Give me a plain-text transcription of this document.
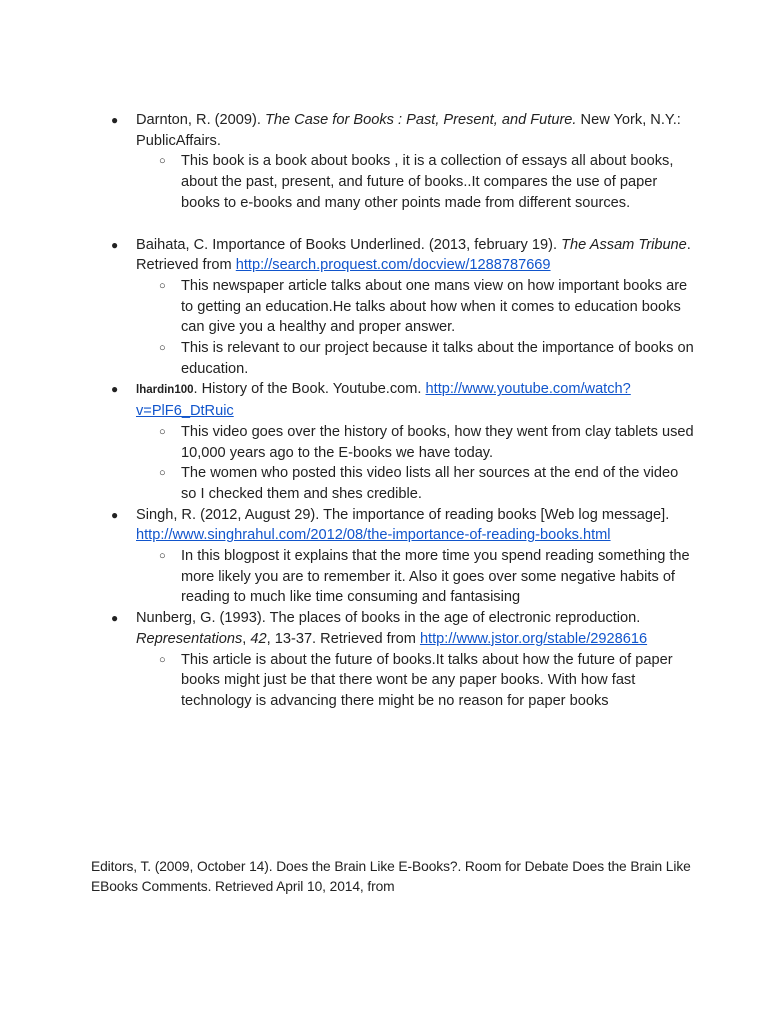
● Darnton, R. (2009). The Case for Books : Past, Present, and Future. New York, N.Y.: PublicAffairs.
○ This book is a book about books , it is a collection of essays all about books, about the past, present, and future of books..It compares the use of paper books to e-books and many other points made from different sources.
● Baihata, C. Importance of Books Underlined. (2013, february 19). The Assam Tribune. Retrieved from http://search.proquest.com/docview/1288787669
○ This newspaper article talks about one mans view on how important books are to getting an education.He talks about how when it comes to education books can give you a healthy and proper answer.
○ This is relevant to our project because it talks about the importance of books on education.
● lhardin100. History of the Book. Youtube.com. http://www.youtube.com/watch?v=PlF6_DtRuic
○ This video goes over the history of books, how they went from clay tablets used 10,000 years ago to the E-books we have today.
○ The women who posted this video lists all her sources at the end of the video so I checked them and shes credible.
● Singh, R. (2012, August 29). The importance of reading books [Web log message]. http://www.singhrahul.com/2012/08/the-importance-of-reading-books.html
○ In this blogpost it explains that the more time you spend reading something the more likely you are to remember it. Also it goes over some negative habits of reading to much like time consuming and fantasising
● Nunberg, G. (1993). The places of books in the age of electronic reproduction. Representations, 42, 13-37. Retrieved from http://www.jstor.org/stable/2928616
○ This article is about the future of books.It talks about how the future of paper books might just be that there wont be any paper books. With how fast technology is advancing there might be no reason for paper books
Editors, T. (2009, October 14). Does the Brain Like E-Books?. Room for Debate Does the Brain Like EBooks Comments. Retrieved April 10, 2014, from
